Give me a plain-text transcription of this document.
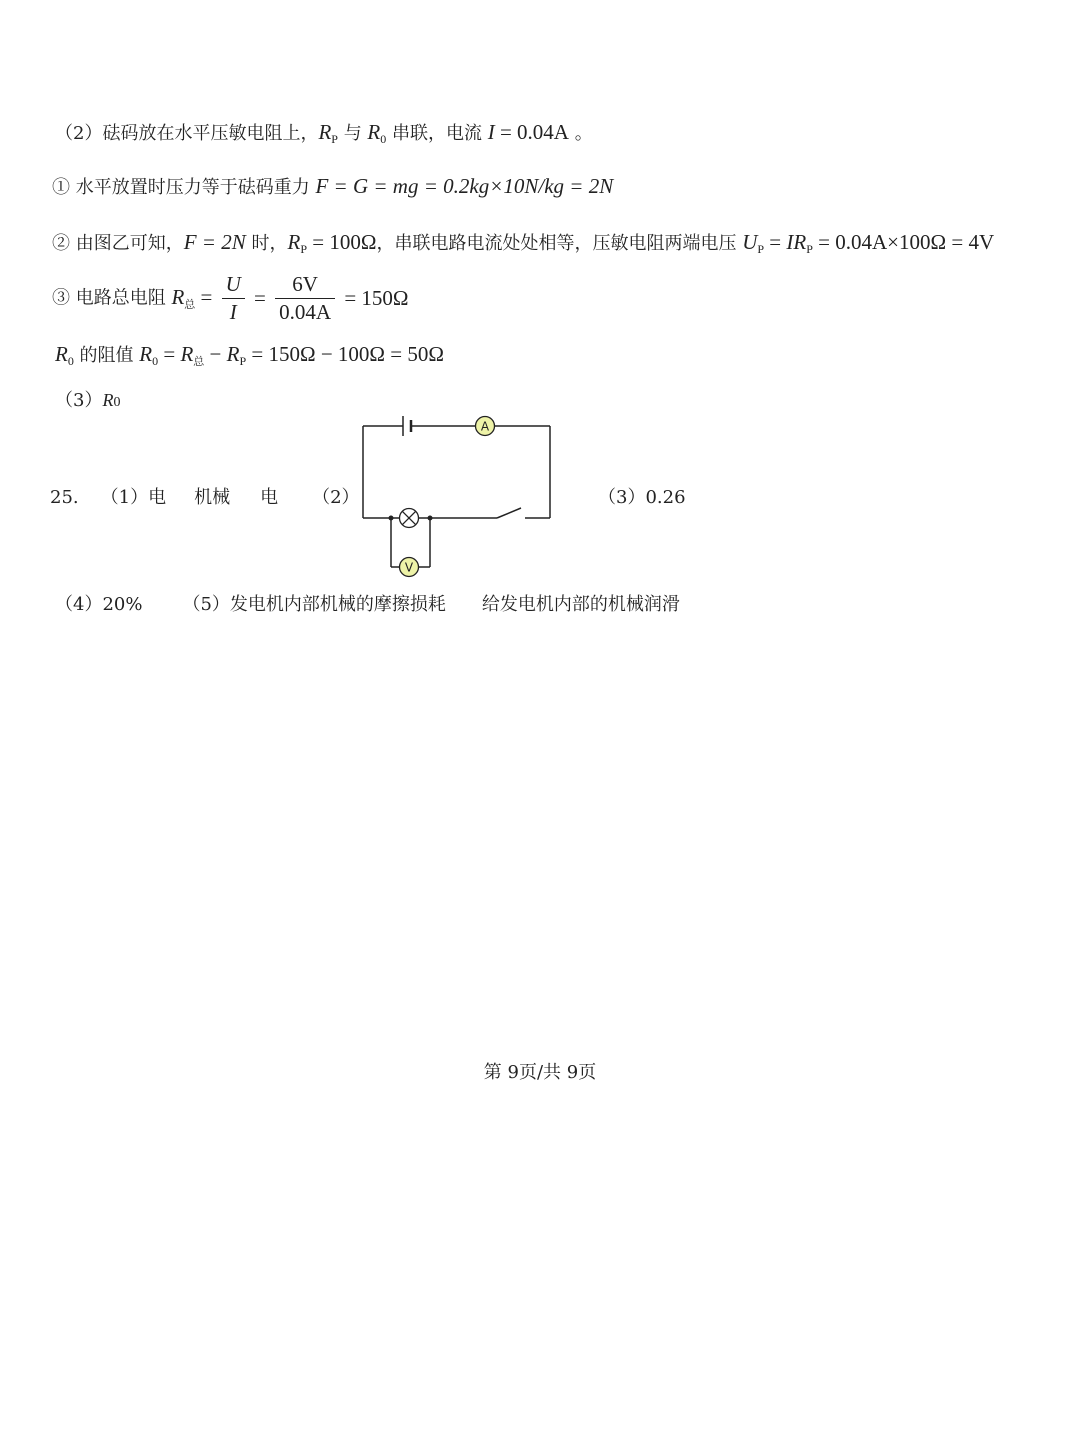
（2）砝码放在水平压敏电阻上，$R_P$ 与 $R_0$ 串联，电流 I = 0.04A 。
① 水平放置时压力等于砝码重力 F = G = mg = 0.2kg×10N/kg = 2N
② 由图乙可知，F = 2N 时，$R_P = 100\Omega$，串联电路电流处处相等，压敏电阻两端电压 $U_P = IR_P = 0.04A\times 100\Omega = 4V$
③ 电路总电阻 $R_总 = \frac{U}{I} = \frac{6V}{0.04A} = 150\Omega$
$R_0$ 的阻值 $R_0 = R_总 - R_P = 150\Omega - 100\Omega = 50\Omega$
（3）R0
25. （1）电 机械 电 （2）	（3）0.26
A
V
（4）20% （5）发电机内部机械的摩擦损耗 给发电机内部的机械润滑
第 9页/共 9页
